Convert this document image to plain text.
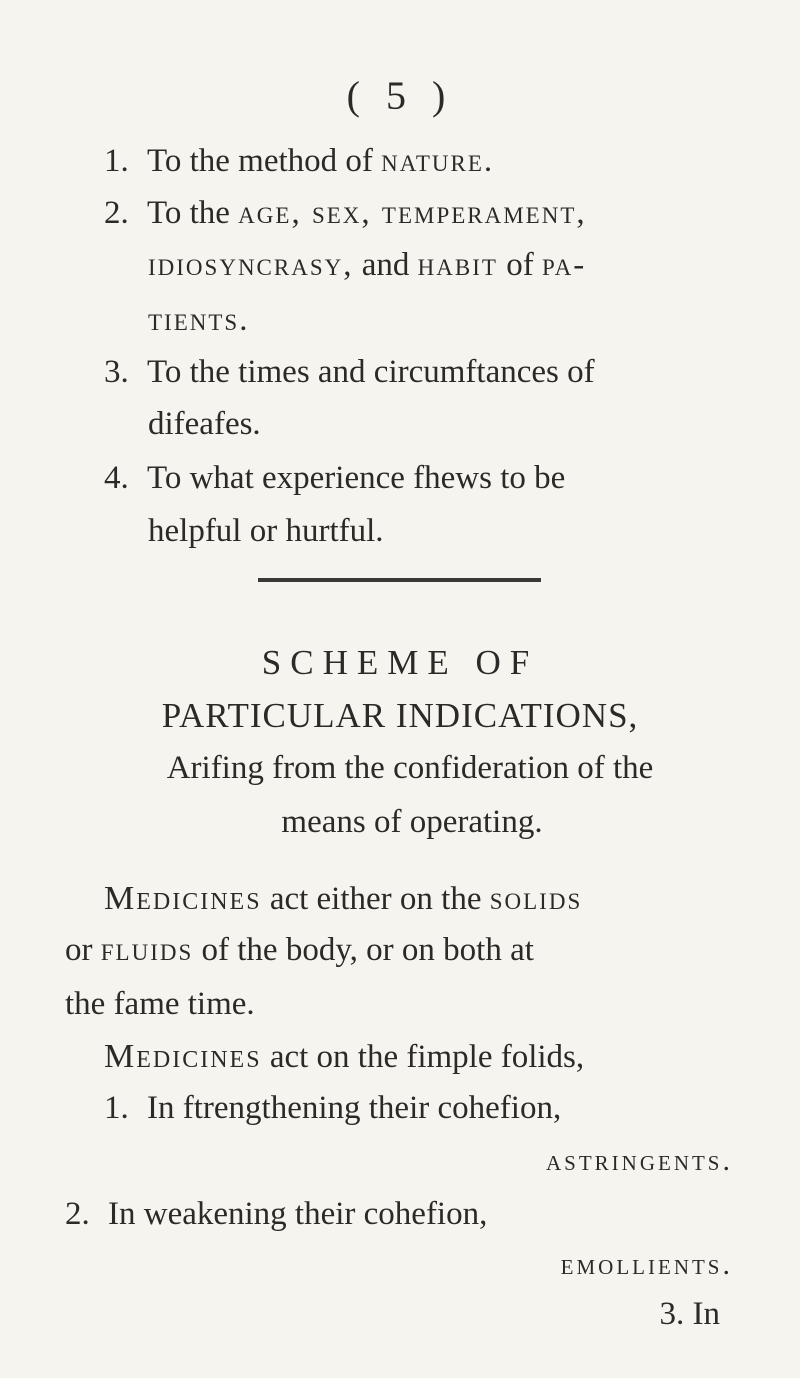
( 5 )
1. To the method of nature.
2. To the age, sex, temperament,
idiosyncrasy, and habit of pa-
tients.
3. To the times and circumftances of
difeafes.
4. To what experience fhews to be
helpful or hurtful.
SCHEME OF
PARTICULAR INDICATIONS,
Arifing from the confideration of the
means of operating.
Medicines act either on the solids
or fluids of the body, or on both at
the fame time.
Medicines act on the fimple folids,
1. In ftrengthening their cohefion,
astringents.
2. In weakening their cohefion,
emollients.
3. In
